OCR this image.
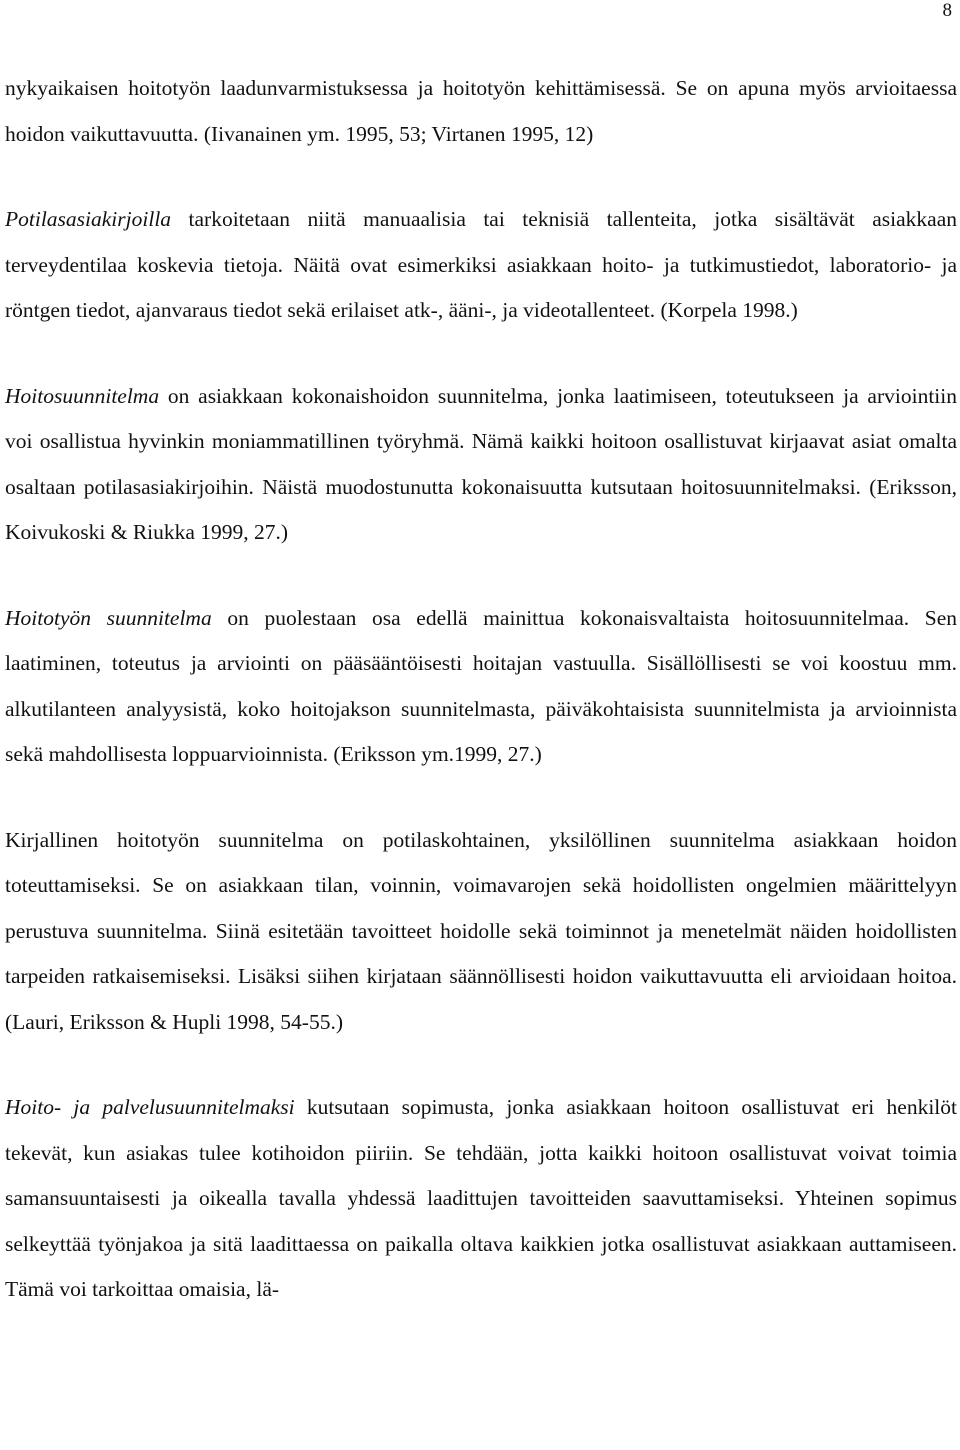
8

nykyaikaisen hoitotyön laadunvarmistuksessa ja hoitotyön kehittämisessä. Se on apuna myös arvioitaessa hoidon vaikuttavuutta. (Iivanainen ym. 1995, 53; Virtanen 1995, 12)

Potilasasiakirjoilla tarkoitetaan niitä manuaalisia tai teknisiä tallenteita, jotka sisältävät asiakkaan terveydentilaa koskevia tietoja. Näitä ovat esimerkiksi asiakkaan hoito- ja tutkimustiedot, laboratorio- ja röntgen tiedot, ajanvaraus tiedot sekä erilaiset atk-, ääni-, ja videotallenteet. (Korpela 1998.)

Hoitosuunnitelma on asiakkaan kokonaishoidon suunnitelma, jonka laatimiseen, toteutukseen ja arviointiin voi osallistua hyvinkin moniammatillinen työryhmä. Nämä kaikki hoitoon osallistuvat kirjaavat asiat omalta osaltaan potilasasiakirjoihin. Näistä muodostunutta kokonaisuutta kutsutaan hoitosuunnitelmaksi. (Eriksson, Koivukoski & Riukka 1999, 27.)

Hoitotyön suunnitelma on puolestaan osa edellä mainittua kokonaisvaltaista hoitosuunnitelmaa. Sen laatiminen, toteutus ja arviointi on pääsääntöisesti hoitajan vastuulla. Sisällöllisesti se voi koostuu mm. alkutilanteen analyysistä, koko hoitojakson suunnitelmasta, päiväkohtaisista suunnitelmista ja arvioinnista sekä mahdollisesta loppuarvioinnista. (Eriksson ym.1999, 27.)

Kirjallinen hoitotyön suunnitelma on potilaskohtainen, yksilöllinen suunnitelma asiakkaan hoidon toteuttamiseksi. Se on asiakkaan tilan, voinnin, voimavarojen sekä hoidollisten ongelmien määrittelyyn perustuva suunnitelma. Siinä esitetään tavoitteet hoidolle sekä toiminnot ja menetelmät näiden hoidollisten tarpeiden ratkaisemiseksi. Lisäksi siihen kirjataan säännöllisesti hoidon vaikuttavuutta eli arvioidaan hoitoa. (Lauri, Eriksson & Hupli 1998, 54-55.)

Hoito- ja palvelusuunnitelmaksi kutsutaan sopimusta, jonka asiakkaan hoitoon osallistuvat eri henkilöt tekevät, kun asiakas tulee kotihoidon piiriin. Se tehdään, jotta kaikki hoitoon osallistuvat voivat toimia samansuuntaisesti ja oikealla tavalla yhdessä laadittujen tavoitteiden saavuttamiseksi. Yhteinen sopimus selkeyttää työnjakoa ja sitä laadittaessa on paikalla oltava kaikkien jotka osallistuvat asiakkaan auttamiseen. Tämä voi tarkoittaa omaisia, lä-
